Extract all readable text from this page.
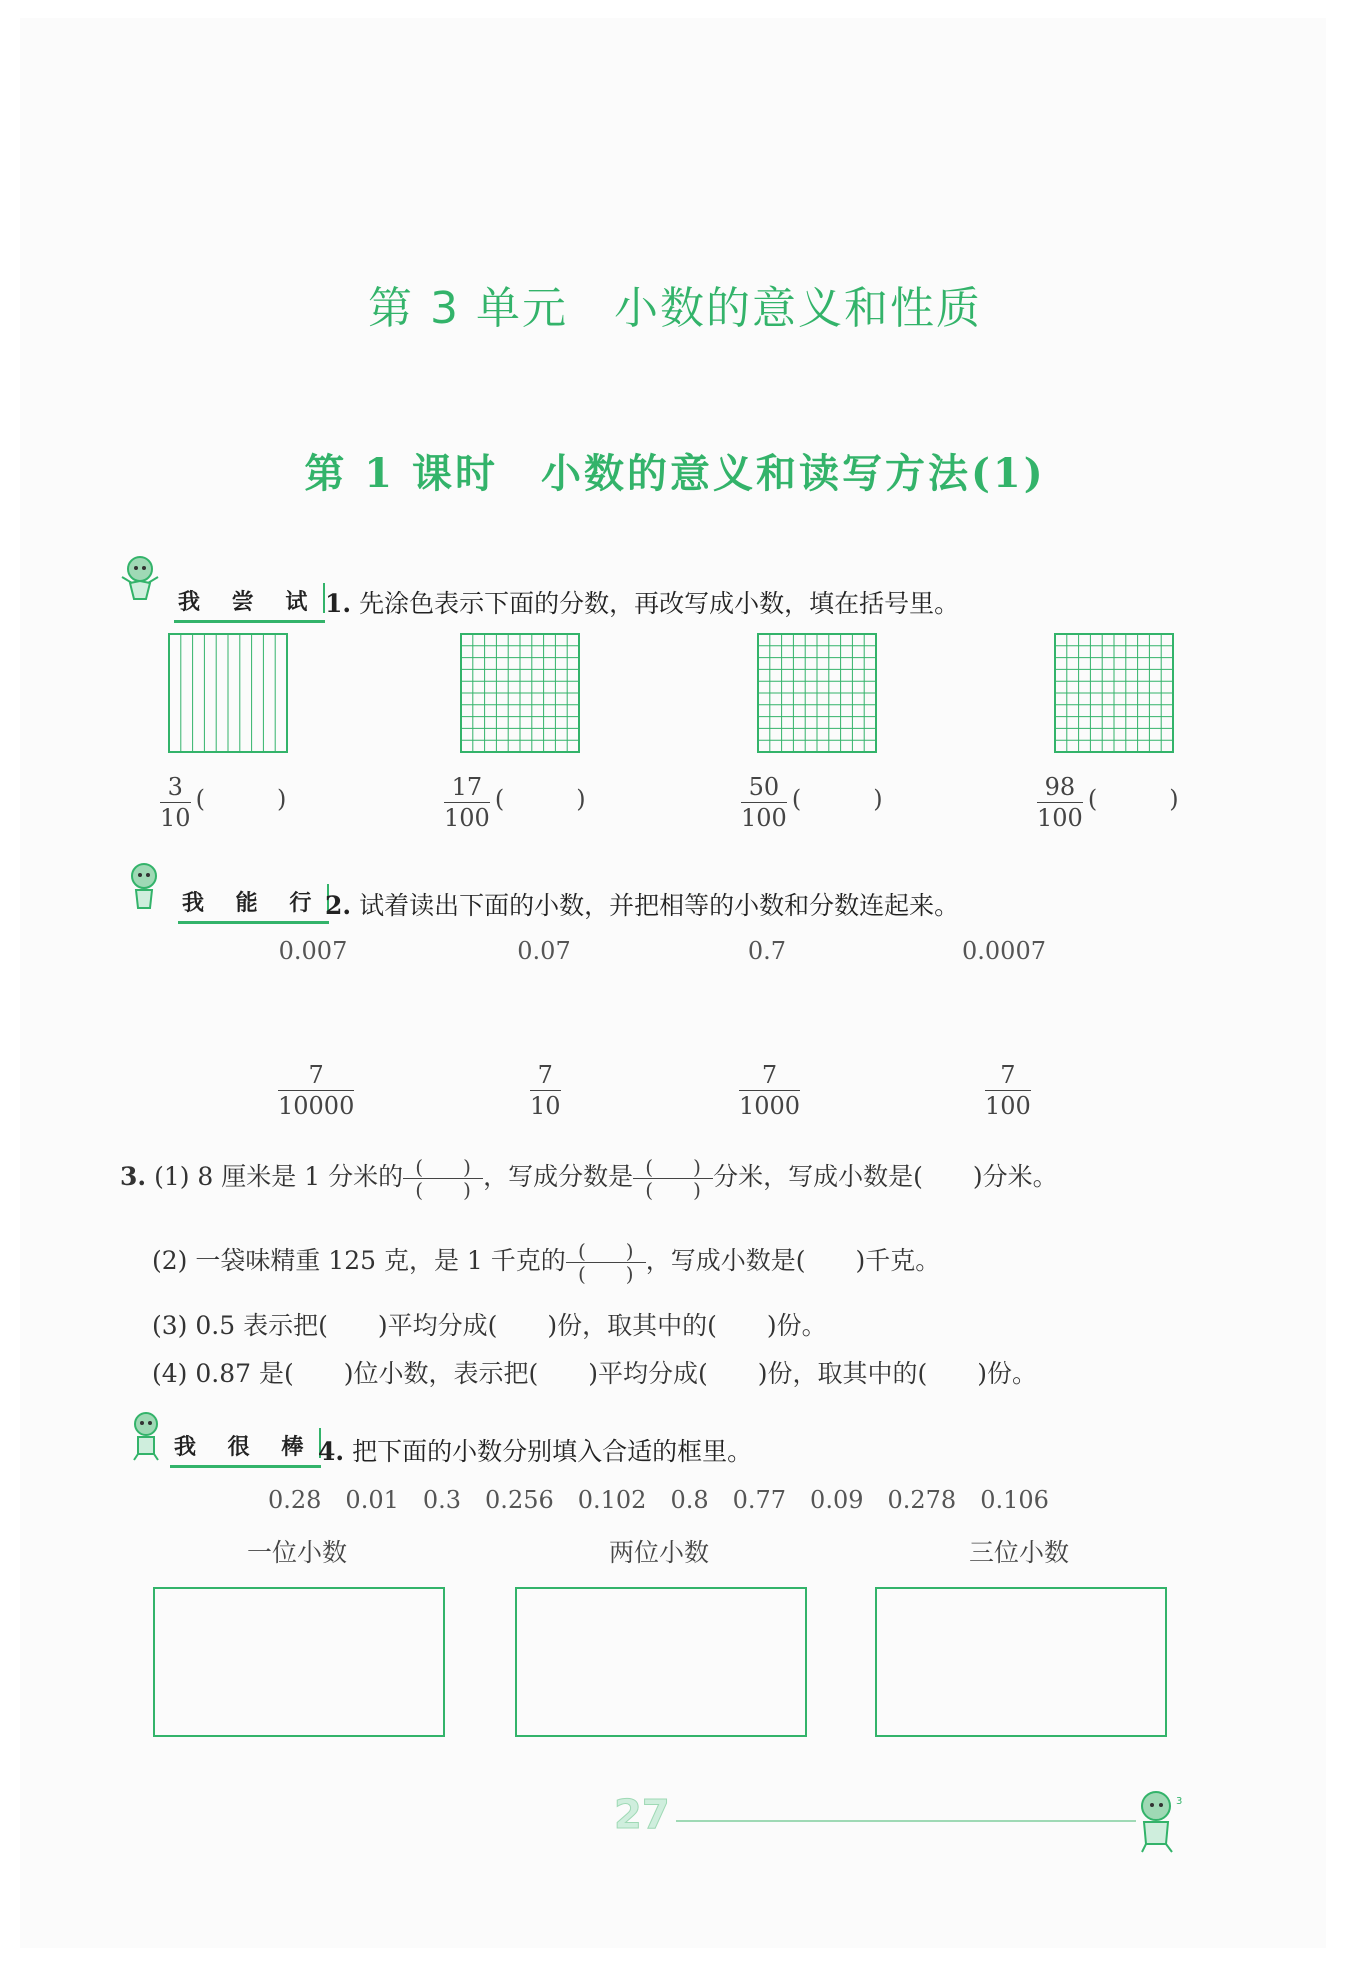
第 3 单元　小数的意义和性质
第 1 课时　小数的意义和读写方法(1)
我 尝 试 1. 先涂色表示下面的分数，再改写成小数，填在括号里。
$\frac{3}{10}$ (　　　)	$\frac{17}{100}$ (　　　)	$\frac{50}{100}$ (　　　)	$\frac{98}{100}$ (　　　)
我 能 行 2. 试着读出下面的小数，并把相等的小数和分数连起来。
0.007	0.07	0.7	0.0007
$\frac{7}{10000}$	$\frac{7}{10}$	$\frac{7}{1000}$	$\frac{7}{100}$
3. (1) 8 厘米是 1 分米的 (　　)
(　　) ，写成分数是 (　　)
(　　) 分米，写成小数是(　　)分米。
(2) 一袋味精重 125 克，是 1 千克的 (　　)
(　　) ，写成小数是(　　)千克。
(3) 0.5 表示把(　　)平均分成(　　)份，取其中的(　　)份。
(4) 0.87 是(　　)位小数，表示把(　　)平均分成(　　)份，取其中的(　　)份。
我 很 棒 4. 把下面的小数分别填入合适的框里。
0.28　0.01　0.3　0.256　0.102　0.8　0.77　0.09　0.278　0.106
一位小数	两位小数	三位小数
27	3
